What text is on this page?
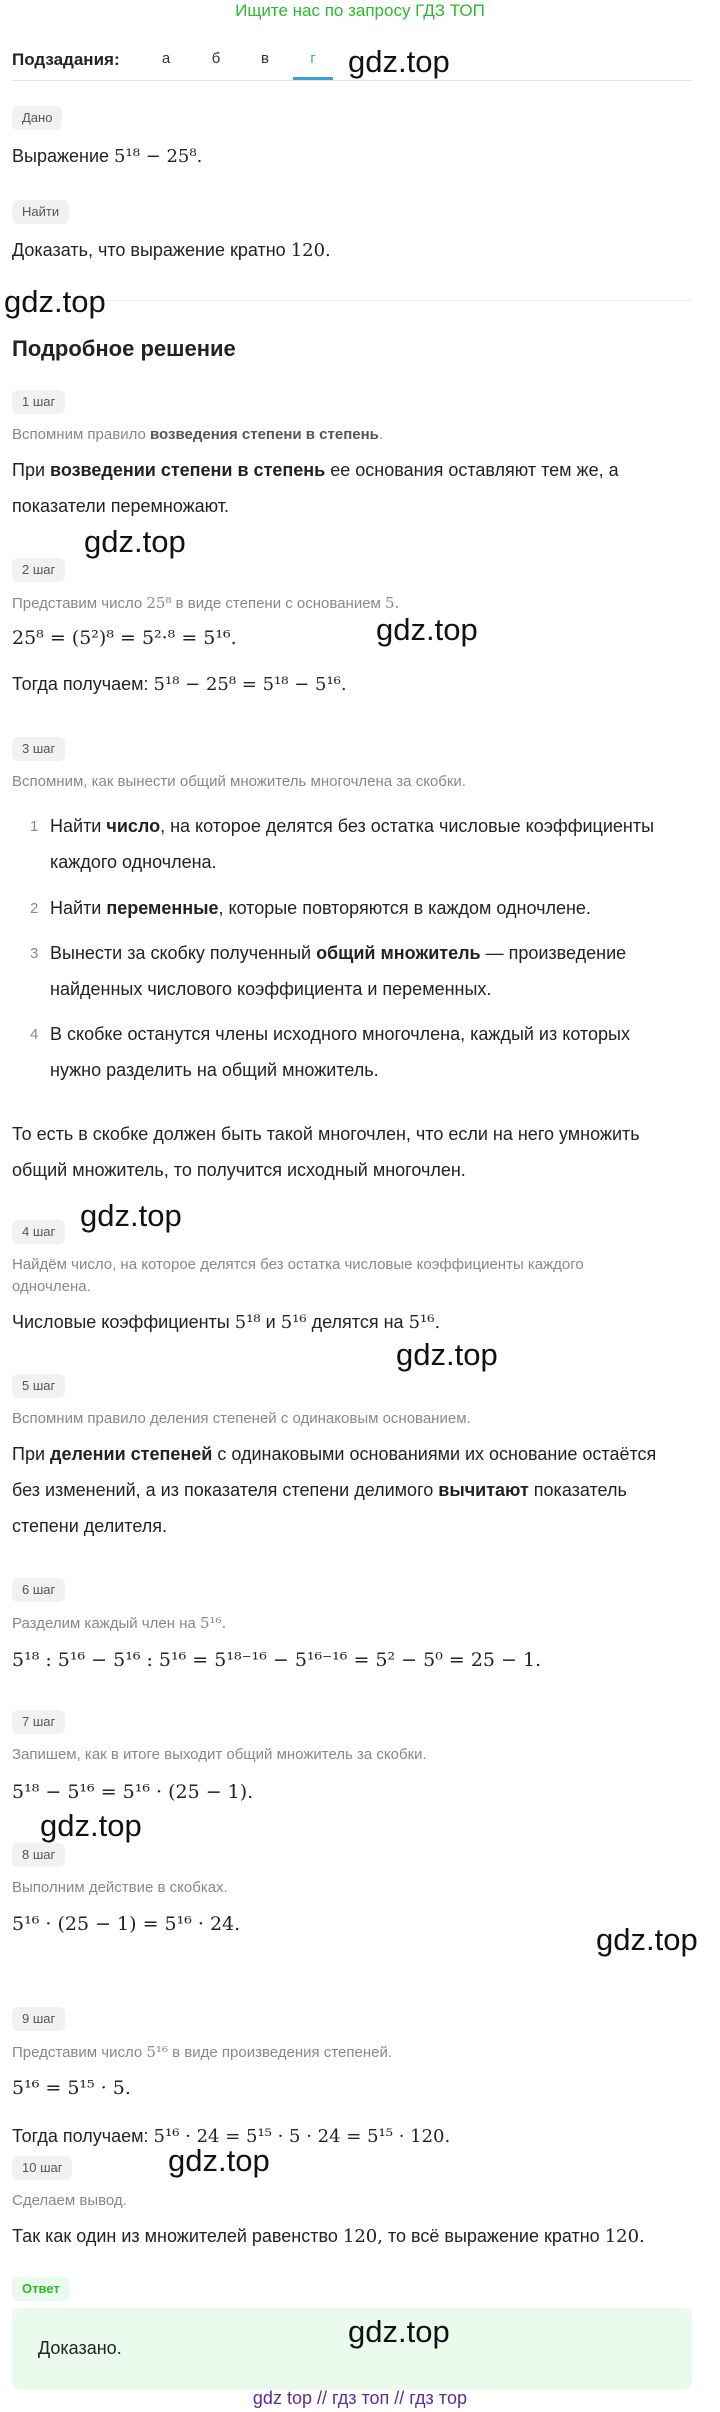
Ищите нас по запросу ГДЗ ТОП
Подзадания:	а	б	в	г
Дано
Выражение 5¹⁸ − 25⁸.
Найти
Доказать, что выражение кратно 120.
Подробное решение
1 шаг
Вспомним правило возведения степени в степень.
При возведении степени в степень ее основания оставляют тем же, а
показатели перемножают.
2 шаг
Представим число 25⁸ в виде степени с основанием 5.
25⁸ = (5²)⁸ = 5²·⁸ = 5¹⁶.
Тогда получаем: 5¹⁸ − 25⁸ = 5¹⁸ − 5¹⁶.
3 шаг
Вспомним, как вынести общий множитель многочлена за скобки.
1 Найти число, на которое делятся без остатка числовые коэффициенты
каждого одночлена.
2 Найти переменные, которые повторяются в каждом одночлене.
3 Вынести за скобку полученный общий множитель — произведение
найденных числового коэффициента и переменных.
4 В скобке останутся члены исходного многочлена, каждый из которых
нужно разделить на общий множитель.
То есть в скобке должен быть такой многочлен, что если на него умножить
общий множитель, то получится исходный многочлен.
4 шаг
Найдём число, на которое делятся без остатка числовые коэффициенты каждого
одночлена.
Числовые коэффициенты 5¹⁸ и 5¹⁶ делятся на 5¹⁶.
5 шаг
Вспомним правило деления степеней с одинаковым основанием.
При делении степеней с одинаковыми основаниями их основание остаётся
без изменений, а из показателя степени делимого вычитают показатель
степени делителя.
6 шаг
Разделим каждый член на 5¹⁶.
5¹⁸ : 5¹⁶ − 5¹⁶ : 5¹⁶ = 5¹⁸⁻¹⁶ − 5¹⁶⁻¹⁶ = 5² − 5⁰ = 25 − 1.
7 шаг
Запишем, как в итоге выходит общий множитель за скобки.
5¹⁸ − 5¹⁶ = 5¹⁶ · (25 − 1).
8 шаг
Выполним действие в скобках.
5¹⁶ · (25 − 1) = 5¹⁶ · 24.
9 шаг
Представим число 5¹⁶ в виде произведения степеней.
5¹⁶ = 5¹⁵ · 5.
Тогда получаем: 5¹⁶ · 24 = 5¹⁵ · 5 · 24 = 5¹⁵ · 120.
10 шаг
Сделаем вывод.
Так как один из множителей равенство 120, то всё выражение кратно 120.
Ответ
Доказано.
gdz.top
gdz.top
gdz.top
gdz.top
gdz.top
gdz.top
gdz.top
gdz.top
gdz.top
gdz.top
gdz top // гдз топ // гдз тop
